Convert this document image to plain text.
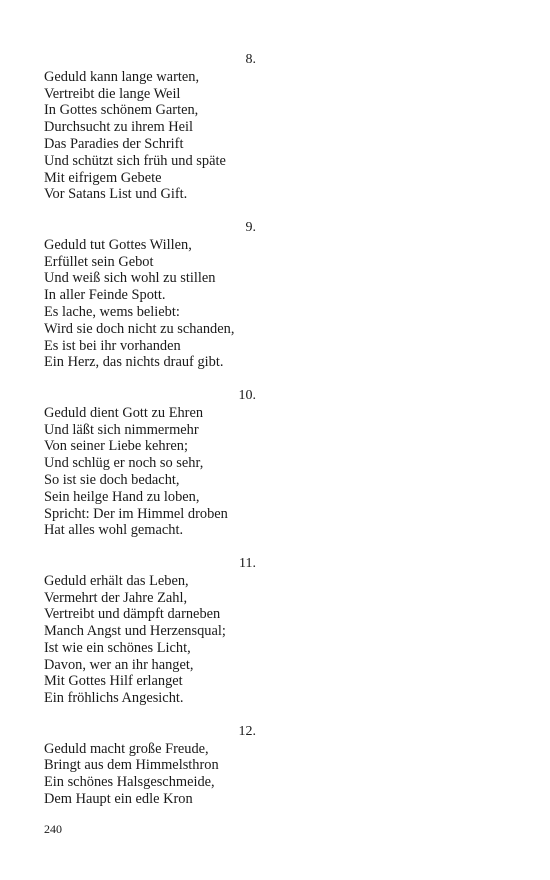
8.
Geduld kann lange warten,
Vertreibt die lange Weil
In Gottes schönem Garten,
Durchsucht zu ihrem Heil
Das Paradies der Schrift
Und schützt sich früh und späte
Mit eifrigem Gebete
Vor Satans List und Gift.
9.
Geduld tut Gottes Willen,
Erfüllet sein Gebot
Und weiß sich wohl zu stillen
In aller Feinde Spott.
Es lache, wems beliebt:
Wird sie doch nicht zu schanden,
Es ist bei ihr vorhanden
Ein Herz, das nichts drauf gibt.
10.
Geduld dient Gott zu Ehren
Und läßt sich nimmermehr
Von seiner Liebe kehren;
Und schlüg er noch so sehr,
So ist sie doch bedacht,
Sein heilge Hand zu loben,
Spricht: Der im Himmel droben
Hat alles wohl gemacht.
11.
Geduld erhält das Leben,
Vermehrt der Jahre Zahl,
Vertreibt und dämpft darneben
Manch Angst und Herzensqual;
Ist wie ein schönes Licht,
Davon, wer an ihr hanget,
Mit Gottes Hilf erlanget
Ein fröhlichs Angesicht.
12.
Geduld macht große Freude,
Bringt aus dem Himmelsthron
Ein schönes Halsgeschmeide,
Dem Haupt ein edle Kron
240
